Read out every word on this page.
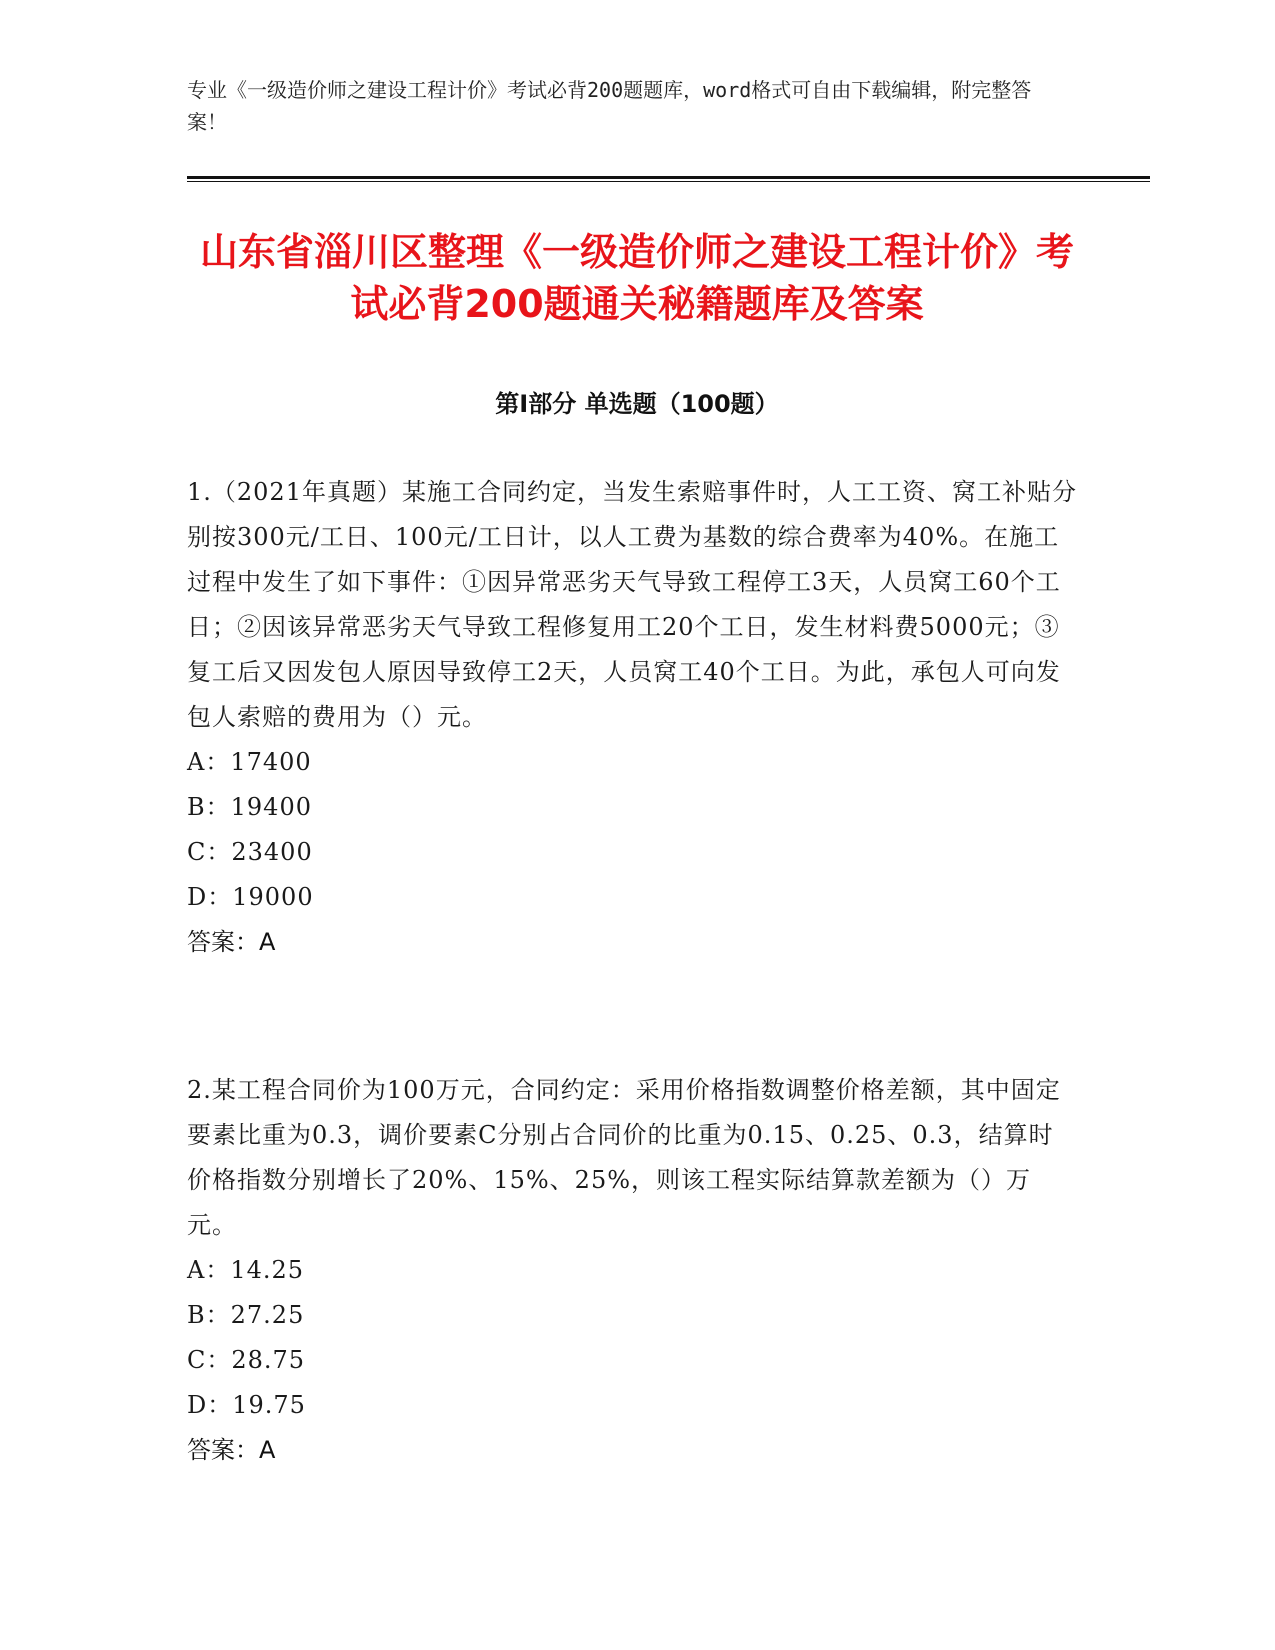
专业《一级造价师之建设工程计价》考试必背200题题库，word格式可自由下载编辑，附完整答案！
山东省淄川区整理《一级造价师之建设工程计价》考试必背200题通关秘籍题库及答案
第I部分 单选题（100题）
1.（2021年真题）某施工合同约定，当发生索赔事件时，人工工资、窝工补贴分别按300元/工日、100元/工日计，以人工费为基数的综合费率为40%。在施工过程中发生了如下事件：①因异常恶劣天气导致工程停工3天，人员窝工60个工日；②因该异常恶劣天气导致工程修复用工20个工日，发生材料费5000元；③复工后又因发包人原因导致停工2天，人员窝工40个工日。为此，承包人可向发包人索赔的费用为（）元。
A：17400
B：19400
C：23400
D：19000
答案：A
2.某工程合同价为100万元，合同约定：采用价格指数调整价格差额，其中固定要素比重为0.3，调价要素C分别占合同价的比重为0.15、0.25、0.3，结算时价格指数分别增长了20%、15%、25%，则该工程实际结算款差额为（）万元。
A：14.25
B：27.25
C：28.75
D：19.75
答案：A
